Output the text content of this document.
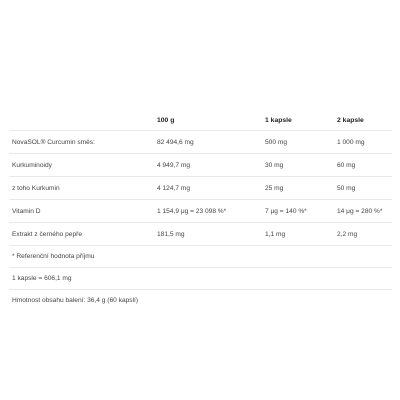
	100 g	1 kapsle	2 kapsle
NovaSOL® Curcumin směs:	82 494,6 mg	500 mg	1 000 mg
Kurkuminoidy	4 949,7 mg	30 mg	60 mg
z toho Kurkumin	4 124,7 mg	25 mg	50 mg
Vitamin D	1 154,9 μg = 23 098 %*	7 μg = 140 %*	14 μg = 280 %*
Extrakt z černého pepře	181,5 mg	1,1 mg	2,2 mg
* Referenční hodnota příjmu
1 kapsle = 606,1 mg
Hmotnost obsahu balení: 36,4 g (60 kapslí)
